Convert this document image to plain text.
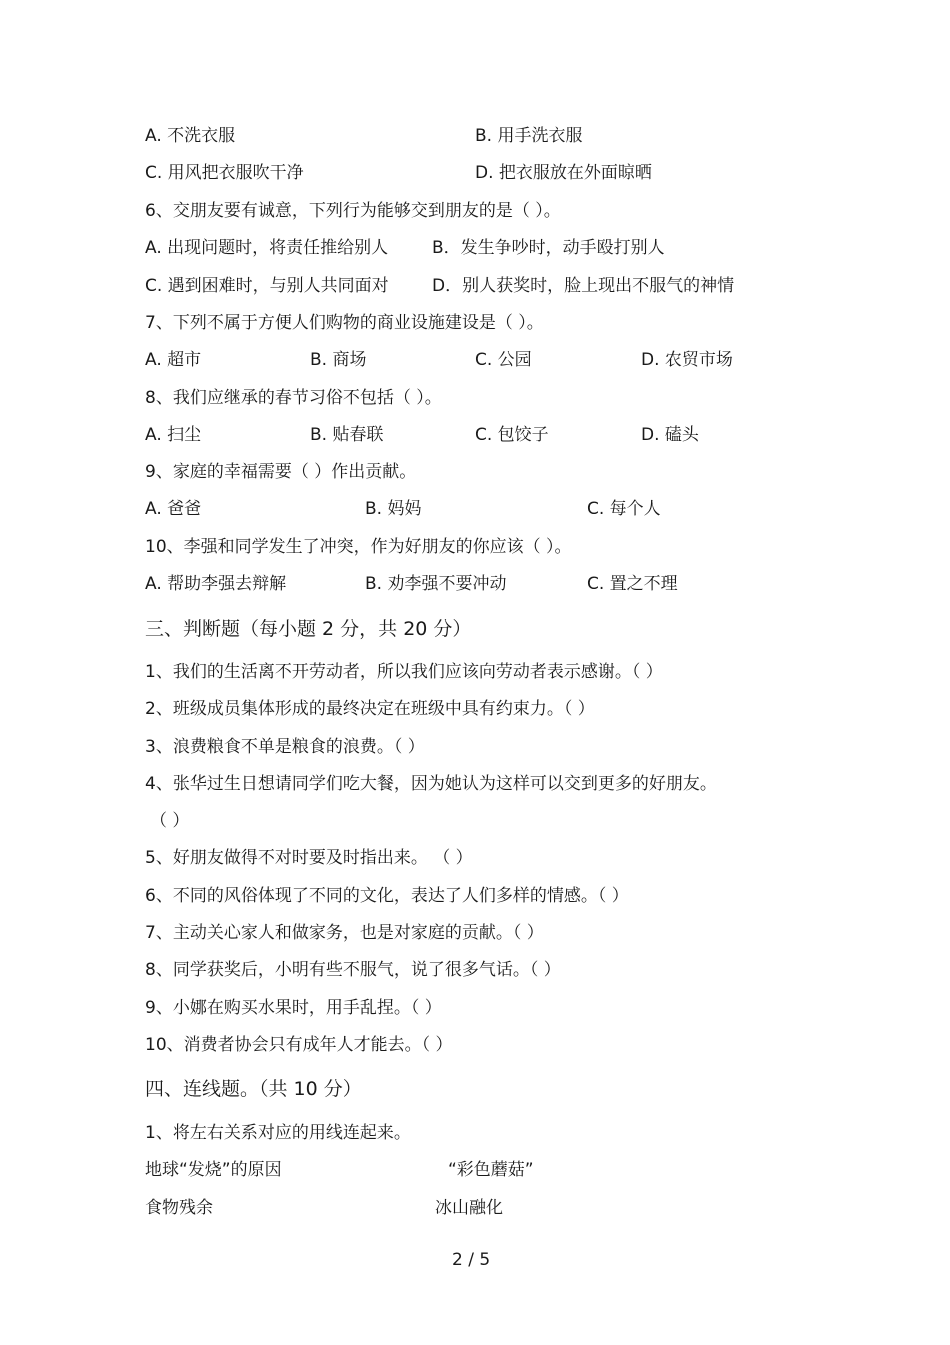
A. 不洗衣服	B. 用手洗衣服
C. 用风把衣服吹干净	D. 把衣服放在外面晾晒
6、交朋友要有诚意，下列行为能够交到朋友的是（ ）。
A. 出现问题时，将责任推给别人	B．发生争吵时，动手殴打别人
C. 遇到困难时，与别人共同面对	D．别人获奖时，脸上现出不服气的神情
7、下列不属于方便人们购物的商业设施建设是（ ）。
A. 超市	B. 商场	C. 公园	D. 农贸市场
8、我们应继承的春节习俗不包括（ ）。
A. 扫尘	B. 贴春联	C. 包饺子	D. 磕头
9、家庭的幸福需要（ ）作出贡献。
A. 爸爸	B. 妈妈	C. 每个人
10、李强和同学发生了冲突，作为好朋友的你应该（ ）。
A. 帮助李强去辩解	B. 劝李强不要冲动	C. 置之不理
三、判断题（每小题 2 分，共 20 分）
1、我们的生活离不开劳动者，所以我们应该向劳动者表示感谢。（ ）
2、班级成员集体形成的最终决定在班级中具有约束力。（ ）
3、浪费粮食不单是粮食的浪费。（ ）
4、张华过生日想请同学们吃大餐，因为她认为这样可以交到更多的好朋友。
（ ）
5、好朋友做得不对时要及时指出来。 （ ）
6、不同的风俗体现了不同的文化，表达了人们多样的情感。（ ）
7、主动关心家人和做家务，也是对家庭的贡献。（ ）
8、同学获奖后，小明有些不服气，说了很多气话。（ ）
9、小娜在购买水果时，用手乱捏。（ ）
10、消费者协会只有成年人才能去。（ ）
四、连线题。（共 10 分）
1、将左右关系对应的用线连起来。
地球“发烧”的原因	“彩色蘑菇”
食物残余	冰山融化
2 / 5
